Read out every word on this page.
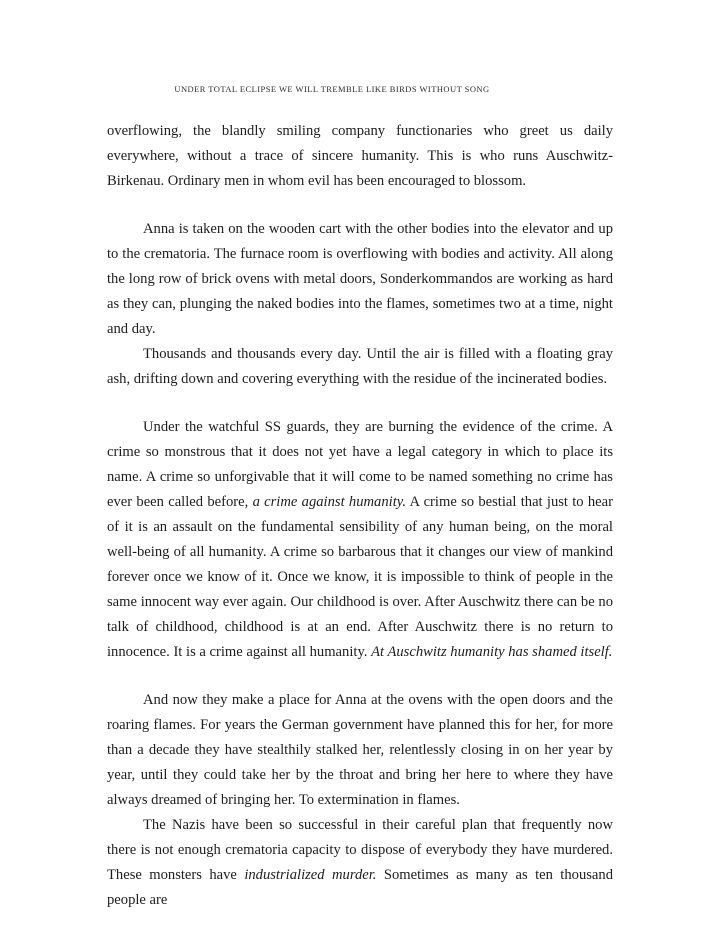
UNDER TOTAL ECLIPSE WE WILL TREMBLE LIKE BIRDS WITHOUT SONG

overflowing, the blandly smiling company functionaries who greet us daily everywhere, without a trace of sincere humanity. This is who runs Auschwitz-Birkenau. Ordinary men in whom evil has been encouraged to blossom.

Anna is taken on the wooden cart with the other bodies into the elevator and up to the crematoria. The furnace room is overflowing with bodies and activity. All along the long row of brick ovens with metal doors, Sonderkommandos are working as hard as they can, plunging the naked bodies into the flames, sometimes two at a time, night and day.

Thousands and thousands every day. Until the air is filled with a floating gray ash, drifting down and covering everything with the residue of the incinerated bodies.

Under the watchful SS guards, they are burning the evidence of the crime. A crime so monstrous that it does not yet have a legal category in which to place its name. A crime so unforgivable that it will come to be named something no crime has ever been called before, a crime against humanity. A crime so bestial that just to hear of it is an assault on the fundamental sensibility of any human being, on the moral well-being of all humanity. A crime so barbarous that it changes our view of mankind forever once we know of it. Once we know, it is impossible to think of people in the same innocent way ever again. Our childhood is over. After Auschwitz there can be no talk of childhood, childhood is at an end. After Auschwitz there is no return to innocence. It is a crime against all humanity. At Auschwitz humanity has shamed itself.

And now they make a place for Anna at the ovens with the open doors and the roaring flames. For years the German government have planned this for her, for more than a decade they have stealthily stalked her, relentlessly closing in on her year by year, until they could take her by the throat and bring her here to where they have always dreamed of bringing her. To extermination in flames.

The Nazis have been so successful in their careful plan that frequently now there is not enough crematoria capacity to dispose of everybody they have murdered. These monsters have industrialized murder. Sometimes as many as ten thousand people are
